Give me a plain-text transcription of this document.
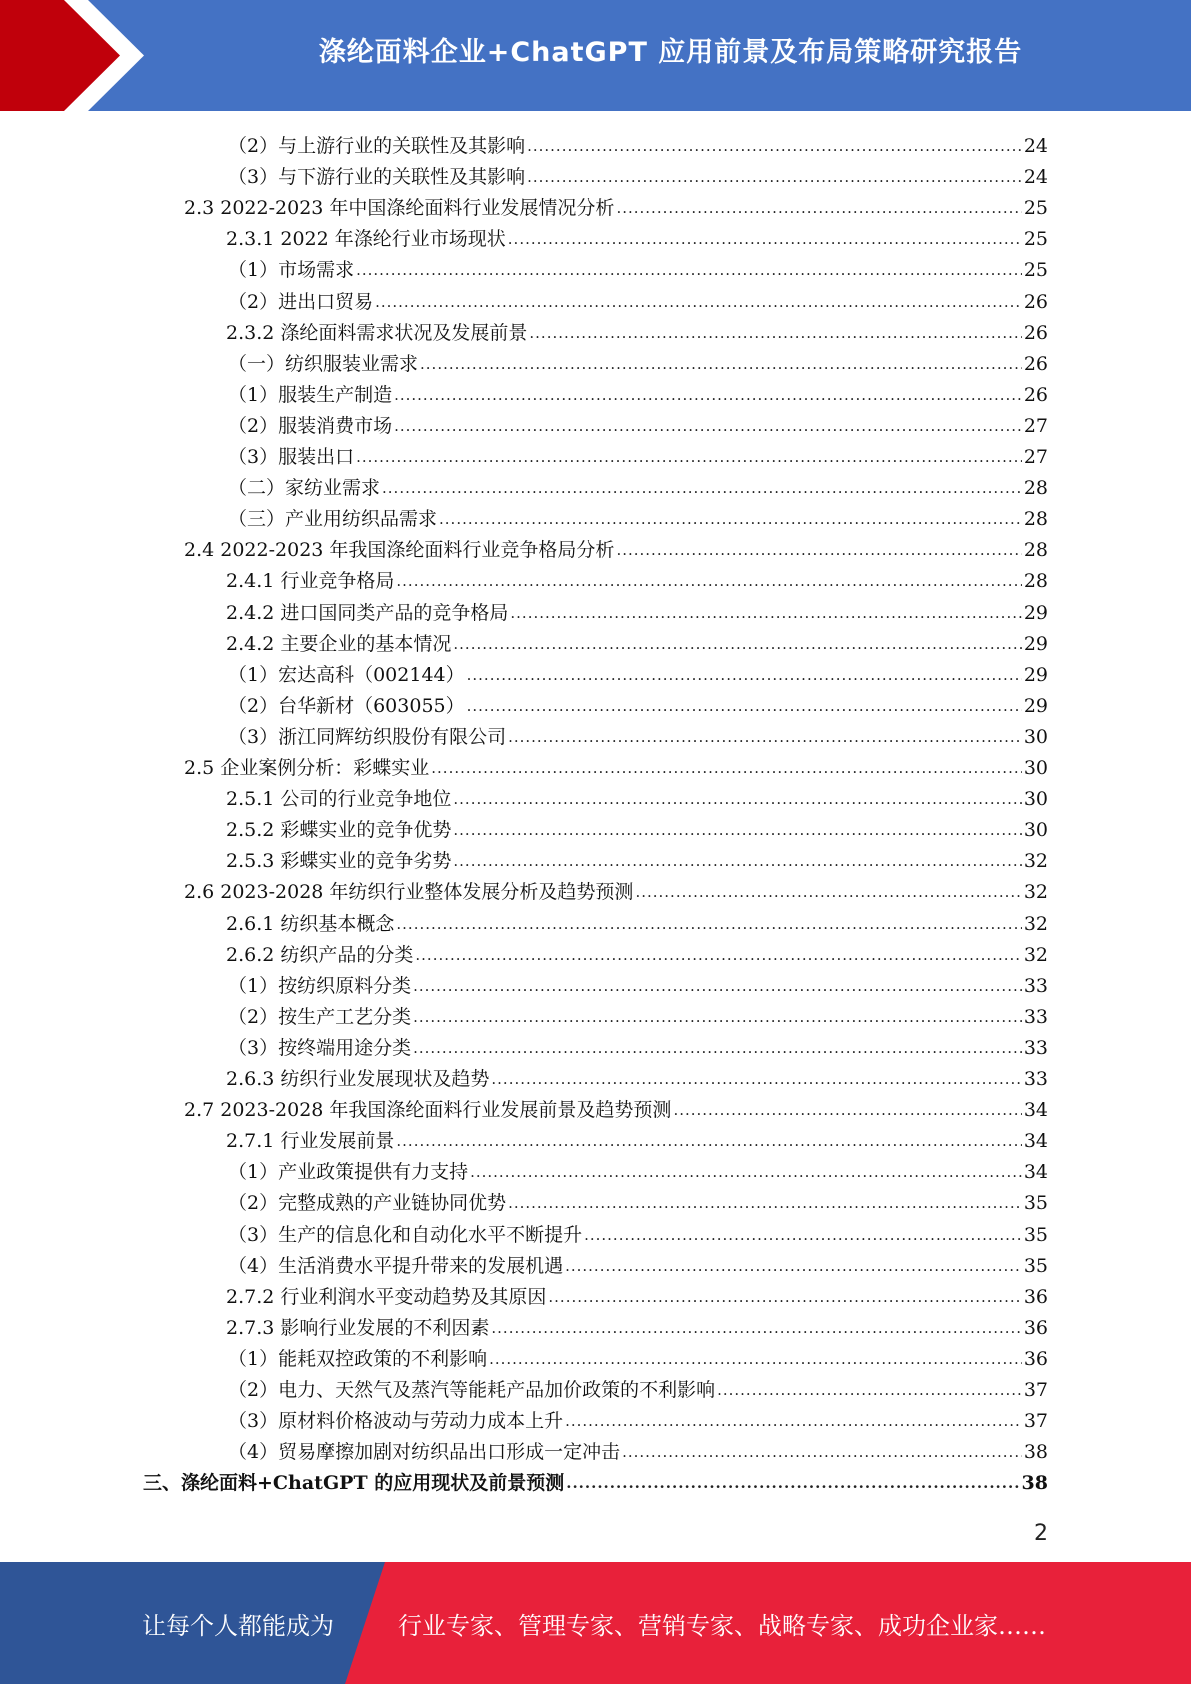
涤纶面料企业+ChatGPT 应用前景及布局策略研究报告
（2）与上游行业的关联性及其影响 .....	24
（3）与下游行业的关联性及其影响 .....	24
2.3 2022-2023 年中国涤纶面料行业发展情况分析 .....	25
2.3.1 2022 年涤纶行业市场现状 .....	25
（1）市场需求 .....	25
（2）进出口贸易 .....	26
2.3.2 涤纶面料需求状况及发展前景 .....	26
（一）纺织服装业需求 .....	26
（1）服装生产制造 .....	26
（2）服装消费市场 .....	27
（3）服装出口 .....	27
（二）家纺业需求 .....	28
（三）产业用纺织品需求 .....	28
2.4 2022-2023 年我国涤纶面料行业竞争格局分析 .....	28
2.4.1 行业竞争格局 .....	28
2.4.2 进口国同类产品的竞争格局 .....	29
2.4.2 主要企业的基本情况 .....	29
（1）宏达高科（002144） .....	29
（2）台华新材（603055） .....	29
（3）浙江同辉纺织股份有限公司 .....	30
2.5 企业案例分析：彩蝶实业 .....	30
2.5.1 公司的行业竞争地位 .....	30
2.5.2 彩蝶实业的竞争优势 .....	30
2.5.3 彩蝶实业的竞争劣势 .....	32
2.6 2023-2028 年纺织行业整体发展分析及趋势预测 .....	32
2.6.1 纺织基本概念 .....	32
2.6.2 纺织产品的分类 .....	32
（1）按纺织原料分类 .....	33
（2）按生产工艺分类 .....	33
（3）按终端用途分类 .....	33
2.6.3 纺织行业发展现状及趋势 .....	33
2.7 2023-2028 年我国涤纶面料行业发展前景及趋势预测 .....	34
2.7.1 行业发展前景 .....	34
（1）产业政策提供有力支持 .....	34
（2）完整成熟的产业链协同优势 .....	35
（3）生产的信息化和自动化水平不断提升 .....	35
（4）生活消费水平提升带来的发展机遇 .....	35
2.7.2 行业利润水平变动趋势及其原因 .....	36
2.7.3 影响行业发展的不利因素 .....	36
（1）能耗双控政策的不利影响 .....	36
（2）电力、天然气及蒸汽等能耗产品加价政策的不利影响 .....	37
（3）原材料价格波动与劳动力成本上升 .....	37
（4）贸易摩擦加剧对纺织品出口形成一定冲击 .....	38
三、涤纶面料+ChatGPT 的应用现状及前景预测 .....	38
2
让每个人都能成为	行业专家、管理专家、营销专家、战略专家、成功企业家……
